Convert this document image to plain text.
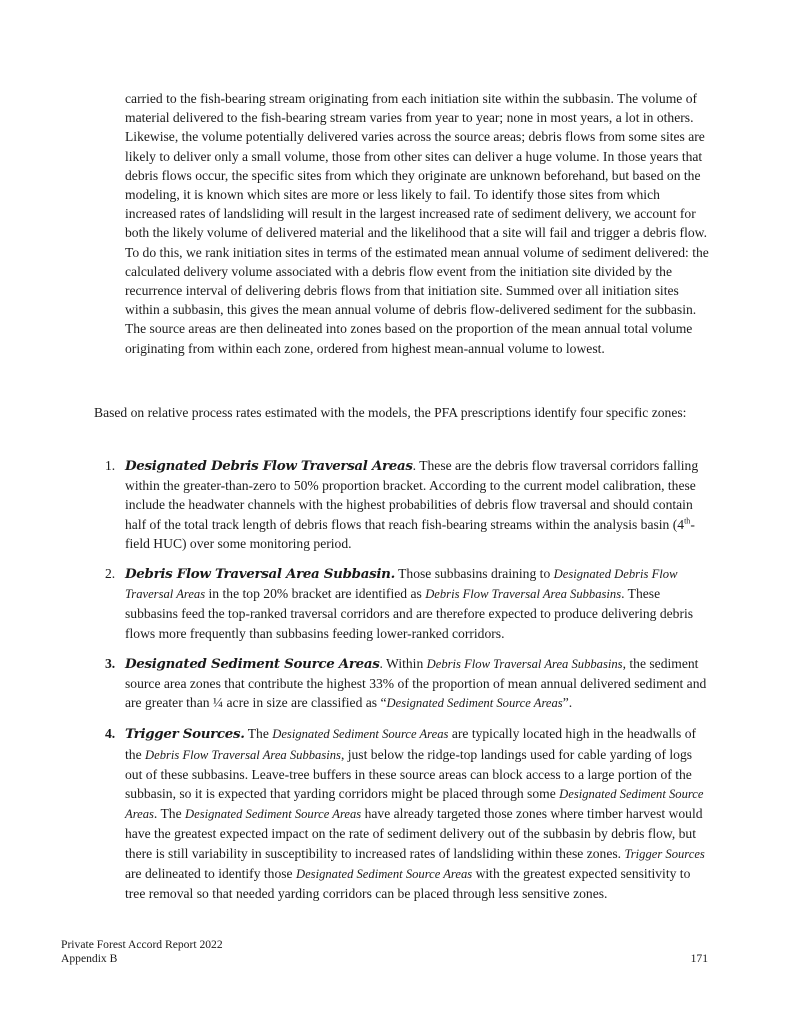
carried to the fish-bearing stream originating from each initiation site within the subbasin. The volume of material delivered to the fish-bearing stream varies from year to year; none in most years, a lot in others. Likewise, the volume potentially delivered varies across the source areas; debris flows from some sites are likely to deliver only a small volume, those from other sites can deliver a huge volume. In those years that debris flows occur, the specific sites from which they originate are unknown beforehand, but based on the modeling, it is known which sites are more or less likely to fail. To identify those sites from which increased rates of landsliding will result in the largest increased rate of sediment delivery, we account for both the likely volume of delivered material and the likelihood that a site will fail and trigger a debris flow. To do this, we rank initiation sites in terms of the estimated mean annual volume of sediment delivered: the calculated delivery volume associated with a debris flow event from the initiation site divided by the recurrence interval of delivering debris flows from that initiation site. Summed over all initiation sites within a subbasin, this gives the mean annual volume of debris flow-delivered sediment for the subbasin. The source areas are then delineated into zones based on the proportion of the mean annual total volume originating from within each zone, ordered from highest mean-annual volume to lowest.

Based on relative process rates estimated with the models, the PFA prescriptions identify four specific zones:

1. Designated Debris Flow Traversal Areas. These are the debris flow traversal corridors falling within the greater-than-zero to 50% proportion bracket. According to the current model calibration, these include the headwater channels with the highest probabilities of debris flow traversal and should contain half of the total track length of debris flows that reach fish-bearing streams within the analysis basin (4th-field HUC) over some monitoring period.
2. Debris Flow Traversal Area Subbasin. Those subbasins draining to Designated Debris Flow Traversal Areas in the top 20% bracket are identified as Debris Flow Traversal Area Subbasins. These subbasins feed the top-ranked traversal corridors and are therefore expected to produce delivering debris flows more frequently than subbasins feeding lower-ranked corridors.
3. Designated Sediment Source Areas. Within Debris Flow Traversal Area Subbasins, the sediment source area zones that contribute the highest 33% of the proportion of mean annual delivered sediment and are greater than ¼ acre in size are classified as “Designated Sediment Source Areas”.
4. Trigger Sources. The Designated Sediment Source Areas are typically located high in the headwalls of the Debris Flow Traversal Area Subbasins, just below the ridge-top landings used for cable yarding of logs out of these subbasins. Leave-tree buffers in these source areas can block access to a large portion of the subbasin, so it is expected that yarding corridors might be placed through some Designated Sediment Source Areas. The Designated Sediment Source Areas have already targeted those zones where timber harvest would have the greatest expected impact on the rate of sediment delivery out of the subbasin by debris flow, but there is still variability in susceptibility to increased rates of landsliding within these zones. Trigger Sources are delineated to identify those Designated Sediment Source Areas with the greatest expected sensitivity to tree removal so that needed yarding corridors can be placed through less sensitive zones.
Private Forest Accord Report 2022
Appendix B	171
